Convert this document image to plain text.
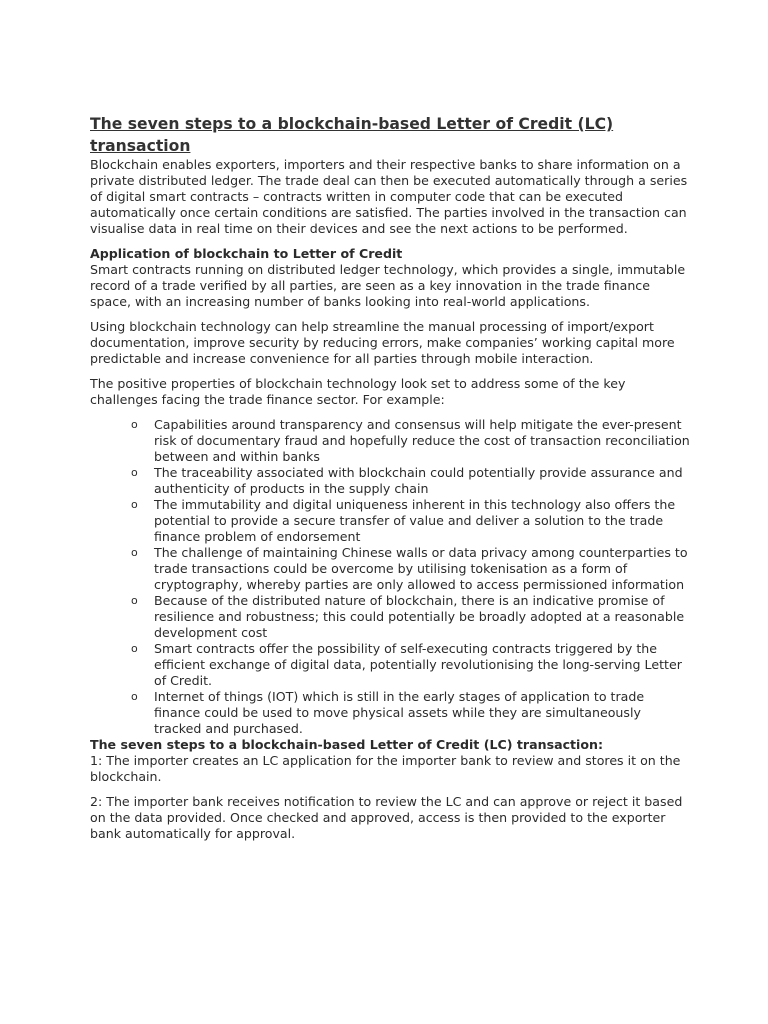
The seven steps to a blockchain-based Letter of Credit (LC) transaction

Blockchain enables exporters, importers and their respective banks to share information on a private distributed ledger. The trade deal can then be executed automatically through a series of digital smart contracts – contracts written in computer code that can be executed automatically once certain conditions are satisfied. The parties involved in the transaction can visualise data in real time on their devices and see the next actions to be performed.

Application of blockchain to Letter of Credit

Smart contracts running on distributed ledger technology, which provides a single, immutable record of a trade verified by all parties, are seen as a key innovation in the trade finance space, with an increasing number of banks looking into real-world applications.

Using blockchain technology can help streamline the manual processing of import/export documentation, improve security by reducing errors, make companies’ working capital more predictable and increase convenience for all parties through mobile interaction.

The positive properties of blockchain technology look set to address some of the key challenges facing the trade finance sector. For example:

o Capabilities around transparency and consensus will help mitigate the ever-present risk of documentary fraud and hopefully reduce the cost of transaction reconciliation between and within banks
o The traceability associated with blockchain could potentially provide assurance and authenticity of products in the supply chain
o The immutability and digital uniqueness inherent in this technology also offers the potential to provide a secure transfer of value and deliver a solution to the trade finance problem of endorsement
o The challenge of maintaining Chinese walls or data privacy among counterparties to trade transactions could be overcome by utilising tokenisation as a form of cryptography, whereby parties are only allowed to access permissioned information
o Because of the distributed nature of blockchain, there is an indicative promise of resilience and robustness; this could potentially be broadly adopted at a reasonable development cost
o Smart contracts offer the possibility of self-executing contracts triggered by the efficient exchange of digital data, potentially revolutionising the long-serving Letter of Credit.
o Internet of things (IOT) which is still in the early stages of application to trade finance could be used to move physical assets while they are simultaneously tracked and purchased.
The seven steps to a blockchain-based Letter of Credit (LC) transaction:

1: The importer creates an LC application for the importer bank to review and stores it on the blockchain.

2: The importer bank receives notification to review the LC and can approve or reject it based on the data provided. Once checked and approved, access is then provided to the exporter bank automatically for approval.
